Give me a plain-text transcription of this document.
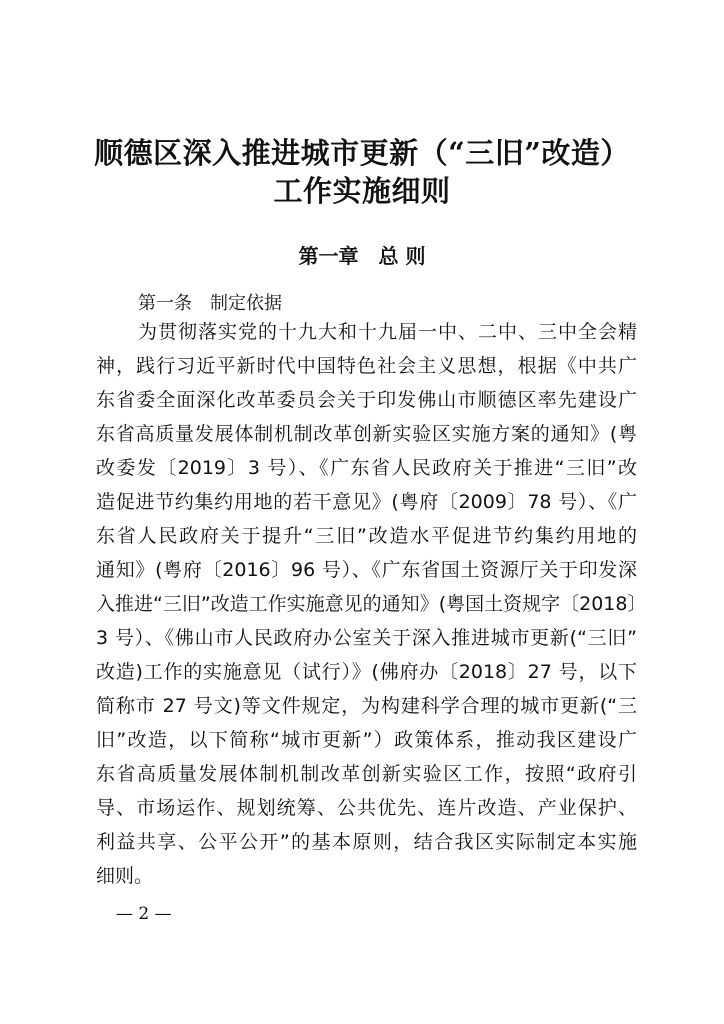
顺德区深入推进城市更新（“三旧”改造）
工作实施细则
第一章　总 则
第一条　制定依据
为贯彻落实党的十九大和十九届一中、二中、三中全会精
神，践行习近平新时代中国特色社会主义思想，根据《中共广
东省委全面深化改革委员会关于印发佛山市顺德区率先建设广
东省高质量发展体制机制改革创新实验区实施方案的通知》(粤
改委发〔2019〕3 号）、《广东省人民政府关于推进“三旧”改
造促进节约集约用地的若干意见》(粤府〔2009〕78 号）、《广
东省人民政府关于提升“三旧”改造水平促进节约集约用地的
通知》(粤府〔2016〕96 号）、《广东省国土资源厅关于印发深
入推进“三旧”改造工作实施意见的通知》(粤国土资规字〔2018〕
3 号）、《佛山市人民政府办公室关于深入推进城市更新(“三旧”
改造)工作的实施意见（试行）》(佛府办〔2018〕27 号，以下
简称市 27 号文)等文件规定，为构建科学合理的城市更新(“三
旧”改造，以下简称“城市更新”）政策体系，推动我区建设广
东省高质量发展体制机制改革创新实验区工作，按照“政府引
导、市场运作、规划统筹、公共优先、连片改造、产业保护、
利益共享、公平公开”的基本原则，结合我区实际制定本实施
细则。
— 2 —
